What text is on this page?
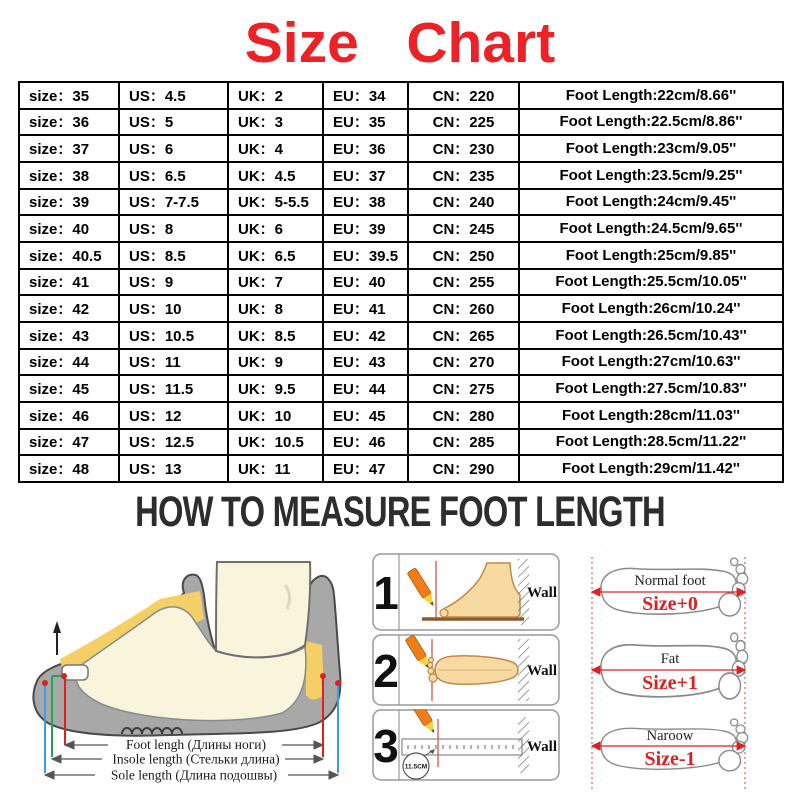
Size   Chart
size：35	US：4.5	UK：2	EU：34	CN：220	Foot Length:22cm/8.66''
size：36	US：5	UK：3	EU：35	CN：225	Foot Length:22.5cm/8.86''
size：37	US：6	UK：4	EU：36	CN：230	Foot Length:23cm/9.05''
size：38	US：6.5	UK：4.5	EU：37	CN：235	Foot Length:23.5cm/9.25''
size：39	US：7-7.5	UK：5-5.5	EU：38	CN：240	Foot Length:24cm/9.45''
size：40	US：8	UK：6	EU：39	CN：245	Foot Length:24.5cm/9.65''
size：40.5	US：8.5	UK：6.5	EU：39.5	CN：250	Foot Length:25cm/9.85''
size：41	US：9	UK：7	EU：40	CN：255	Foot Length:25.5cm/10.05''
size：42	US：10	UK：8	EU：41	CN：260	Foot Length:26cm/10.24''
size：43	US：10.5	UK：8.5	EU：42	CN：265	Foot Length:26.5cm/10.43''
size：44	US：11	UK：9	EU：43	CN：270	Foot Length:27cm/10.63''
size：45	US：11.5	UK：9.5	EU：44	CN：275	Foot Length:27.5cm/10.83''
size：46	US：12	UK：10	EU：45	CN：280	Foot Length:28cm/11.03''
size：47	US：12.5	UK：10.5	EU：46	CN：285	Foot Length:28.5cm/11.22''
size：48	US：13	UK：11	EU：47	CN：290	Foot Length:29cm/11.42''
HOW TO MEASURE FOOT LENGTH
Foot lengh (Длины ноги)
Insole length (Стельки длина)
Sole length (Длина подошвы)
1	Wall
2	Wall
3 11.5CM
Wall
Normal foot
Size+0
Fat
Size+1
Naroow
Size-1
